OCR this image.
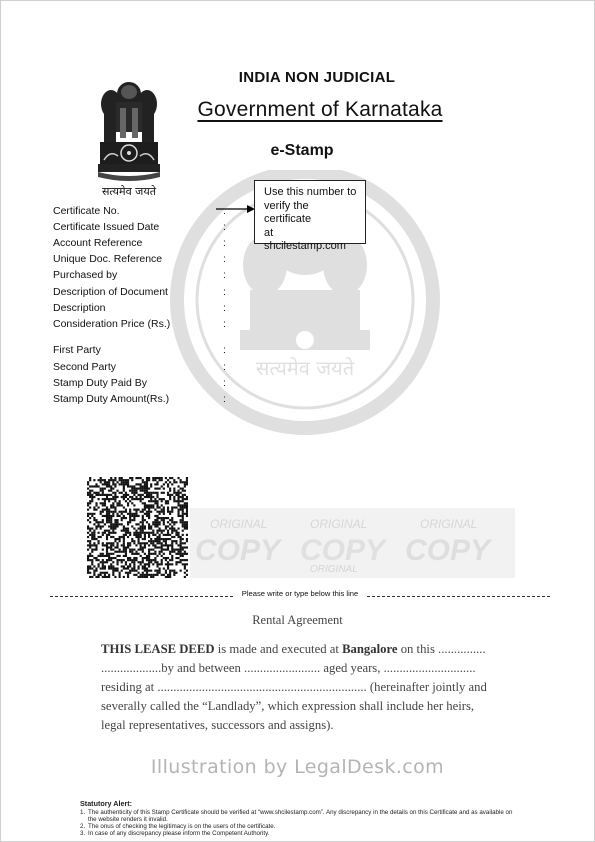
सत्यमेव जयते
INDIA NON JUDICIAL
Government of Karnataka
e-Stamp
सत्यमेव जयते	Use this number to
verify the certificate
at shcilestamp.com
Certificate No.	:
Certificate Issued Date	:
Account Reference	:
Unique Doc. Reference	:
Purchased by	:
Description of Document	:
Description	:
Consideration Price (Rs.)	:
First Party	:
Second Party	:
Stamp Duty Paid By	:
Stamp Duty Amount(Rs.)	:
ORIGINAL	ORIGINAL	ORIGINAL
COPY COPY COPY
ORIGINAL
Please write or type below this line
Rental Agreement
THIS LEASE DEED is made and executed at Bangalore on this ...............
...................by and between ........................ aged years, .............................
residing at .................................................................. (hereinafter jointly and
severally called the “Landlady”, which expression shall include her heirs,
legal representatives, successors and assigns).
Illustration by LegalDesk.com
Statutory Alert:
1. The authenticity of this Stamp Certificate should be verified at “www.shcilestamp.com”. Any discrepancy in the details on this Certificate and as available on the website renders it invalid.
2. The onus of checking the legitimacy is on the users of the certificate.
3. In case of any discrepancy please inform the Competent Authority.
